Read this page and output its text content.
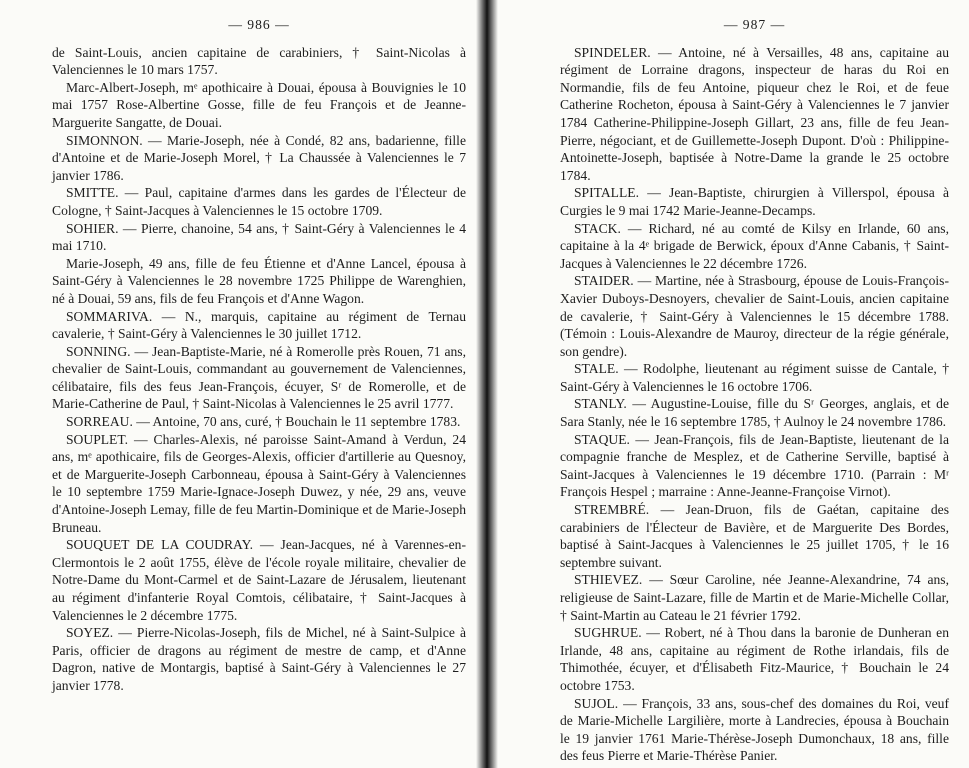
— 986 —

de Saint-Louis, ancien capitaine de carabiniers, † Saint-Nicolas à Valenciennes le 10 mars 1757.

Marc-Albert-Joseph, mᵉ apothicaire à Douai, épousa à Bouvignies le 10 mai 1757 Rose-Albertine Gosse, fille de feu François et de Jeanne-Marguerite Sangatte, de Douai.

SIMONNON. — Marie-Joseph, née à Condé, 82 ans, badarienne, fille d'Antoine et de Marie-Joseph Morel, † La Chaussée à Valenciennes le 7 janvier 1786.

SMITTE. — Paul, capitaine d'armes dans les gardes de l'Électeur de Cologne, † Saint-Jacques à Valenciennes le 15 octobre 1709.

SOHIER. — Pierre, chanoine, 54 ans, † Saint-Géry à Valenciennes le 4 mai 1710.

Marie-Joseph, 49 ans, fille de feu Étienne et d'Anne Lancel, épousa à Saint-Géry à Valenciennes le 28 novembre 1725 Philippe de Warenghien, né à Douai, 59 ans, fils de feu François et d'Anne Wagon.

SOMMARIVA. — N., marquis, capitaine au régiment de Ternau cavalerie, † Saint-Géry à Valenciennes le 30 juillet 1712.

SONNING. — Jean-Baptiste-Marie, né à Romerolle près Rouen, 71 ans, chevalier de Saint-Louis, commandant au gouvernement de Valenciennes, célibataire, fils des feus Jean-François, écuyer, Sʳ de Romerolle, et de Marie-Catherine de Paul, † Saint-Nicolas à Valenciennes le 25 avril 1777.

SORREAU. — Antoine, 70 ans, curé, † Bouchain le 11 septembre 1783.

SOUPLET. — Charles-Alexis, né paroisse Saint-Amand à Verdun, 24 ans, mᵉ apothicaire, fils de Georges-Alexis, officier d'artillerie au Quesnoy, et de Marguerite-Joseph Carbonneau, épousa à Saint-Géry à Valenciennes le 10 septembre 1759 Marie-Ignace-Joseph Duwez, y née, 29 ans, veuve d'Antoine-Joseph Lemay, fille de feu Martin-Dominique et de Marie-Joseph Bruneau.

SOUQUET DE LA COUDRAY. — Jean-Jacques, né à Varennes-en-Clermontois le 2 août 1755, élève de l'école royale militaire, chevalier de Notre-Dame du Mont-Carmel et de Saint-Lazare de Jérusalem, lieutenant au régiment d'infanterie Royal Comtois, célibataire, † Saint-Jacques à Valenciennes le 2 décembre 1775.

SOYEZ. — Pierre-Nicolas-Joseph, fils de Michel, né à Saint-Sulpice à Paris, officier de dragons au régiment de mestre de camp, et d'Anne Dagron, native de Montargis, baptisé à Saint-Géry à Valenciennes le 27 janvier 1778.

— 987 —

SPINDELER. — Antoine, né à Versailles, 48 ans, capitaine au régiment de Lorraine dragons, inspecteur de haras du Roi en Normandie, fils de feu Antoine, piqueur chez le Roi, et de feue Catherine Rocheton, épousa à Saint-Géry à Valenciennes le 7 janvier 1784 Catherine-Philippine-Joseph Gillart, 23 ans, fille de feu Jean-Pierre, négociant, et de Guillemette-Joseph Dupont. D'où : Philippine-Antoinette-Joseph, baptisée à Notre-Dame la grande le 25 octobre 1784.

SPITALLE. — Jean-Baptiste, chirurgien à Villerspol, épousa à Curgies le 9 mai 1742 Marie-Jeanne-Decamps.

STACK. — Richard, né au comté de Kilsy en Irlande, 60 ans, capitaine à la 4ᵉ brigade de Berwick, époux d'Anne Cabanis, † Saint-Jacques à Valenciennes le 22 décembre 1726.

STAIDER. — Martine, née à Strasbourg, épouse de Louis-François-Xavier Duboys-Desnoyers, chevalier de Saint-Louis, ancien capitaine de cavalerie, † Saint-Géry à Valenciennes le 15 décembre 1788. (Témoin : Louis-Alexandre de Mauroy, directeur de la régie générale, son gendre).

STALE. — Rodolphe, lieutenant au régiment suisse de Cantale, † Saint-Géry à Valenciennes le 16 octobre 1706.

STANLY. — Augustine-Louise, fille du Sʳ Georges, anglais, et de Sara Stanly, née le 16 septembre 1785, † Aulnoy le 24 novembre 1786.

STAQUE. — Jean-François, fils de Jean-Baptiste, lieutenant de la compagnie franche de Mesplez, et de Catherine Serville, baptisé à Saint-Jacques à Valenciennes le 19 décembre 1710. (Parrain : Mʳ François Hespel ; marraine : Anne-Jeanne-Françoise Virnot).

STREMBRÉ. — Jean-Druon, fils de Gaétan, capitaine des carabiniers de l'Électeur de Bavière, et de Marguerite Des Bordes, baptisé à Saint-Jacques à Valenciennes le 25 juillet 1705, † le 16 septembre suivant.

STHIEVEZ. — Sœur Caroline, née Jeanne-Alexandrine, 74 ans, religieuse de Saint-Lazare, fille de Martin et de Marie-Michelle Collar, † Saint-Martin au Cateau le 21 février 1792.

SUGHRUE. — Robert, né à Thou dans la baronie de Dunheran en Irlande, 48 ans, capitaine au régiment de Rothe irlandais, fils de Thimothée, écuyer, et d'Élisabeth Fitz-Maurice, † Bouchain le 24 octobre 1753.

SUJOL. — François, 33 ans, sous-chef des domaines du Roi, veuf de Marie-Michelle Largilière, morte à Landrecies, épousa à Bouchain le 19 janvier 1761 Marie-Thérèse-Joseph Dumonchaux, 18 ans, fille des feus Pierre et Marie-Thérèse Panier.
